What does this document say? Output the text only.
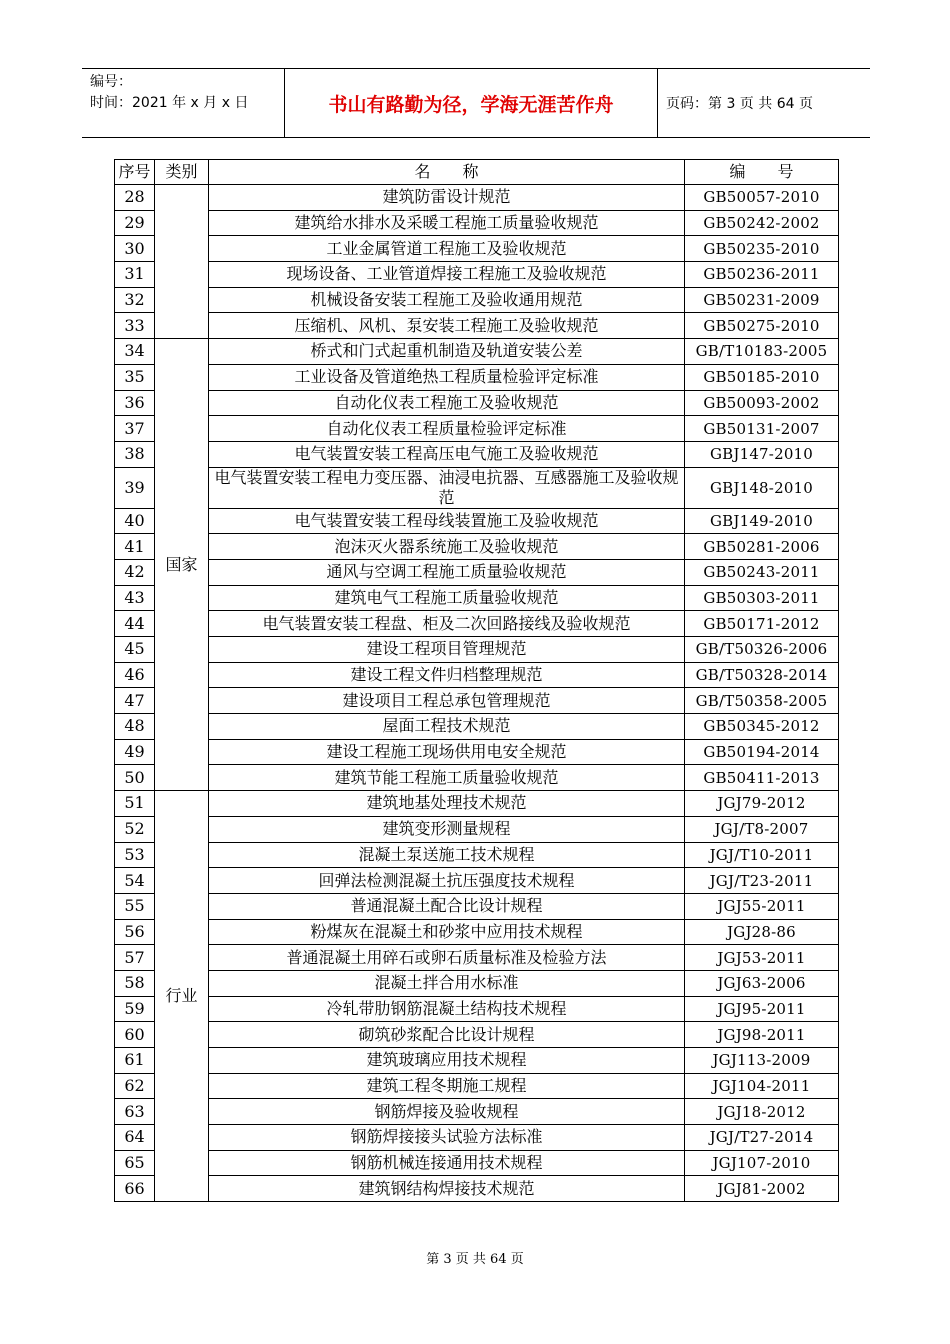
编号：
时间：2021 年 x 月 x 日	书山有路勤为径，学海无涯苦作舟	页码：第 3 页 共 64 页
序号	类别	名　　称	编　　号
28		建筑防雷设计规范	GB50057-2010
29		建筑给水排水及采暖工程施工质量验收规范	GB50242-2002
30		工业金属管道工程施工及验收规范	GB50235-2010
31		现场设备、工业管道焊接工程施工及验收规范	GB50236-2011
32		机械设备安装工程施工及验收通用规范	GB50231-2009
33		压缩机、风机、泵安装工程施工及验收规范	GB50275-2010
34	国家	桥式和门式起重机制造及轨道安装公差	GB/T10183-2005
35		工业设备及管道绝热工程质量检验评定标准	GB50185-2010
36		自动化仪表工程施工及验收规范	GB50093-2002
37		自动化仪表工程质量检验评定标准	GB50131-2007
38		电气装置安装工程高压电气施工及验收规范	GBJ147-2010
39		电气装置安装工程电力变压器、油浸电抗器、互感器施工及验收规范	GBJ148-2010
40		电气装置安装工程母线装置施工及验收规范	GBJ149-2010
41		泡沫灭火器系统施工及验收规范	GB50281-2006
42		通风与空调工程施工质量验收规范	GB50243-2011
43		建筑电气工程施工质量验收规范	GB50303-2011
44		电气装置安装工程盘、柜及二次回路接线及验收规范	GB50171-2012
45		建设工程项目管理规范	GB/T50326-2006
46		建设工程文件归档整理规范	GB/T50328-2014
47		建设项目工程总承包管理规范	GB/T50358-2005
48		屋面工程技术规范	GB50345-2012
49		建设工程施工现场供用电安全规范	GB50194-2014
50		建筑节能工程施工质量验收规范	GB50411-2013
51	行业	建筑地基处理技术规范	JGJ79-2012
52		建筑变形测量规程	JGJ/T8-2007
53		混凝土泵送施工技术规程	JGJ/T10-2011
54		回弹法检测混凝土抗压强度技术规程	JGJ/T23-2011
55		普通混凝土配合比设计规程	JGJ55-2011
56		粉煤灰在混凝土和砂浆中应用技术规程	JGJ28-86
57		普通混凝土用碎石或卵石质量标准及检验方法	JGJ53-2011
58		混凝土拌合用水标准	JGJ63-2006
59		冷轧带肋钢筋混凝土结构技术规程	JGJ95-2011
60		砌筑砂浆配合比设计规程	JGJ98-2011
61		建筑玻璃应用技术规程	JGJ113-2009
62		建筑工程冬期施工规程	JGJ104-2011
63		钢筋焊接及验收规程	JGJ18-2012
64		钢筋焊接接头试验方法标准	JGJ/T27-2014
65		钢筋机械连接通用技术规程	JGJ107-2010
66		建筑钢结构焊接技术规范	JGJ81-2002
第 3 页 共 64 页
